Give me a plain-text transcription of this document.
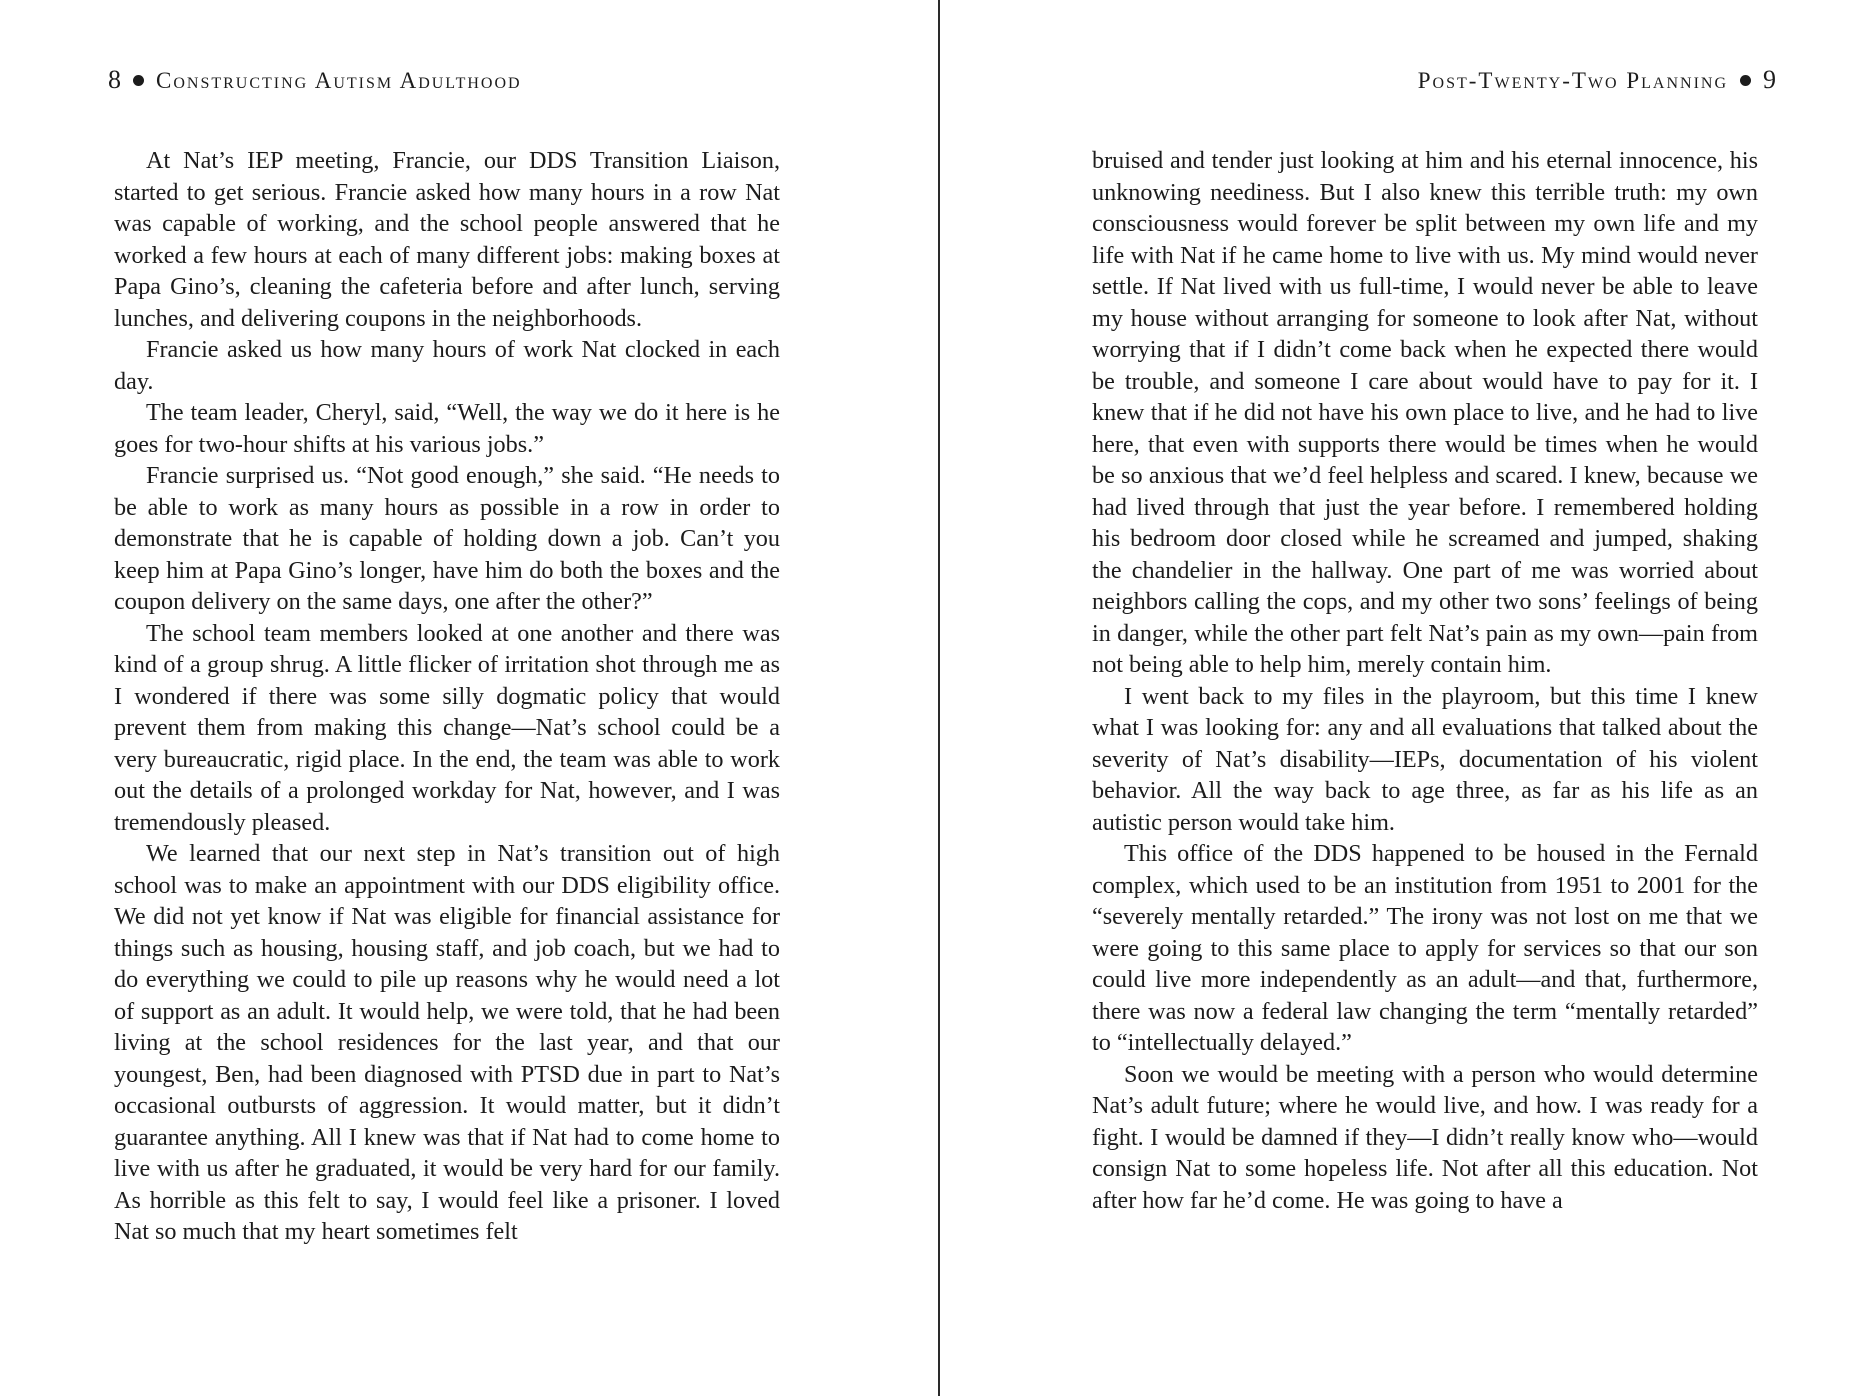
8 Constructing Autism Adulthood

At Nat’s IEP meeting, Francie, our DDS Transition Liaison, started to get serious. Francie asked how many hours in a row Nat was capable of working, and the school people answered that he worked a few hours at each of many different jobs: making boxes at Papa Gino’s, cleaning the cafeteria before and after lunch, serving lunches, and delivering coupons in the neighborhoods.

Francie asked us how many hours of work Nat clocked in each day.

The team leader, Cheryl, said, “Well, the way we do it here is he goes for two-hour shifts at his various jobs.”

Francie surprised us. “Not good enough,” she said. “He needs to be able to work as many hours as possible in a row in order to demonstrate that he is capable of holding down a job. Can’t you keep him at Papa Gino’s longer, have him do both the boxes and the coupon delivery on the same days, one after the other?”

The school team members looked at one another and there was kind of a group shrug. A little flicker of irritation shot through me as I wondered if there was some silly dogmatic policy that would prevent them from making this change—Nat’s school could be a very bureaucratic, rigid place. In the end, the team was able to work out the details of a prolonged workday for Nat, however, and I was tremendously pleased.

We learned that our next step in Nat’s transition out of high school was to make an appointment with our DDS eligibility office. We did not yet know if Nat was eligible for financial assistance for things such as housing, housing staff, and job coach, but we had to do everything we could to pile up reasons why he would need a lot of support as an adult. It would help, we were told, that he had been living at the school residences for the last year, and that our youngest, Ben, had been diagnosed with PTSD due in part to Nat’s occasional outbursts of aggression. It would matter, but it didn’t guarantee anything. All I knew was that if Nat had to come home to live with us after he graduated, it would be very hard for our family. As horrible as this felt to say, I would feel like a prisoner. I loved Nat so much that my heart sometimes felt

Post-Twenty-Two Planning 9

bruised and tender just looking at him and his eternal innocence, his unknowing neediness. But I also knew this terrible truth: my own consciousness would forever be split between my own life and my life with Nat if he came home to live with us. My mind would never settle. If Nat lived with us full-time, I would never be able to leave my house without arranging for someone to look after Nat, without worrying that if I didn’t come back when he expected there would be trouble, and someone I care about would have to pay for it. I knew that if he did not have his own place to live, and he had to live here, that even with supports there would be times when he would be so anxious that we’d feel helpless and scared. I knew, because we had lived through that just the year before. I remembered holding his bedroom door closed while he screamed and jumped, shaking the chandelier in the hallway. One part of me was worried about neighbors calling the cops, and my other two sons’ feelings of being in danger, while the other part felt Nat’s pain as my own—pain from not being able to help him, merely contain him.

I went back to my files in the playroom, but this time I knew what I was looking for: any and all evaluations that talked about the severity of Nat’s disability—IEPs, documentation of his violent behavior. All the way back to age three, as far as his life as an autistic person would take him.

This office of the DDS happened to be housed in the Fernald complex, which used to be an institution from 1951 to 2001 for the “severely mentally retarded.” The irony was not lost on me that we were going to this same place to apply for services so that our son could live more independently as an adult—and that, furthermore, there was now a federal law changing the term “mentally retarded” to “intellectually delayed.”

Soon we would be meeting with a person who would determine Nat’s adult future; where he would live, and how. I was ready for a fight. I would be damned if they—I didn’t really know who—would consign Nat to some hopeless life. Not after all this education. Not after how far he’d come. He was going to have a
